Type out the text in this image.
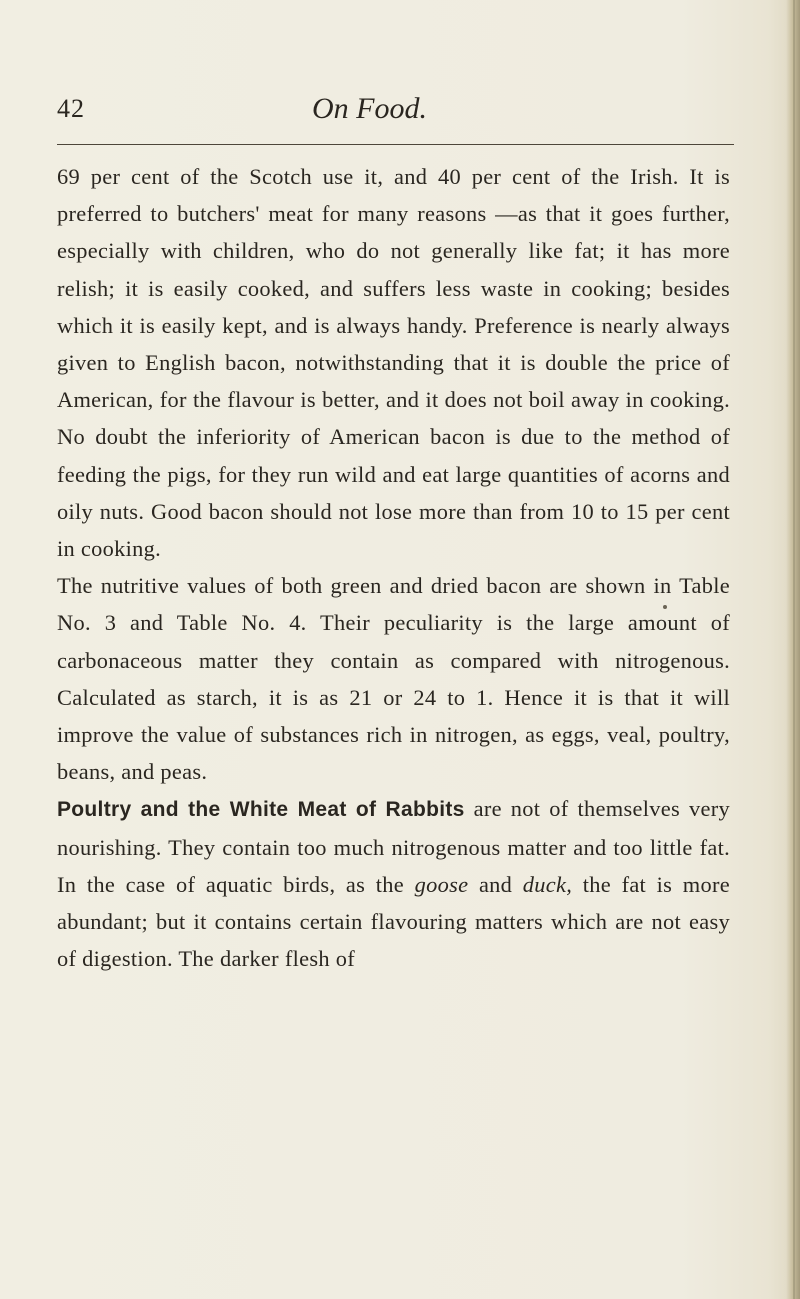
42	On Food.

69 per cent of the Scotch use it, and 40 per cent of the Irish. It is preferred to butchers' meat for many reasons —as that it goes further, especially with children, who do not generally like fat; it has more relish; it is easily cooked, and suffers less waste in cooking; besides which it is easily kept, and is always handy. Preference is nearly always given to English bacon, notwithstanding that it is double the price of American, for the flavour is better, and it does not boil away in cooking. No doubt the inferiority of American bacon is due to the method of feeding the pigs, for they run wild and eat large quantities of acorns and oily nuts. Good bacon should not lose more than from 10 to 15 per cent in cooking.

The nutritive values of both green and dried bacon are shown in Table No. 3 and Table No. 4. Their peculiarity is the large amount of carbonaceous matter they contain as compared with nitrogenous. Calculated as starch, it is as 21 or 24 to 1. Hence it is that it will improve the value of substances rich in nitrogen, as eggs, veal, poultry, beans, and peas.

Poultry and the White Meat of Rabbits are not of themselves very nourishing. They contain too much nitrogenous matter and too little fat. In the case of aquatic birds, as the goose and duck, the fat is more abundant; but it contains certain flavouring matters which are not easy of digestion. The darker flesh of
